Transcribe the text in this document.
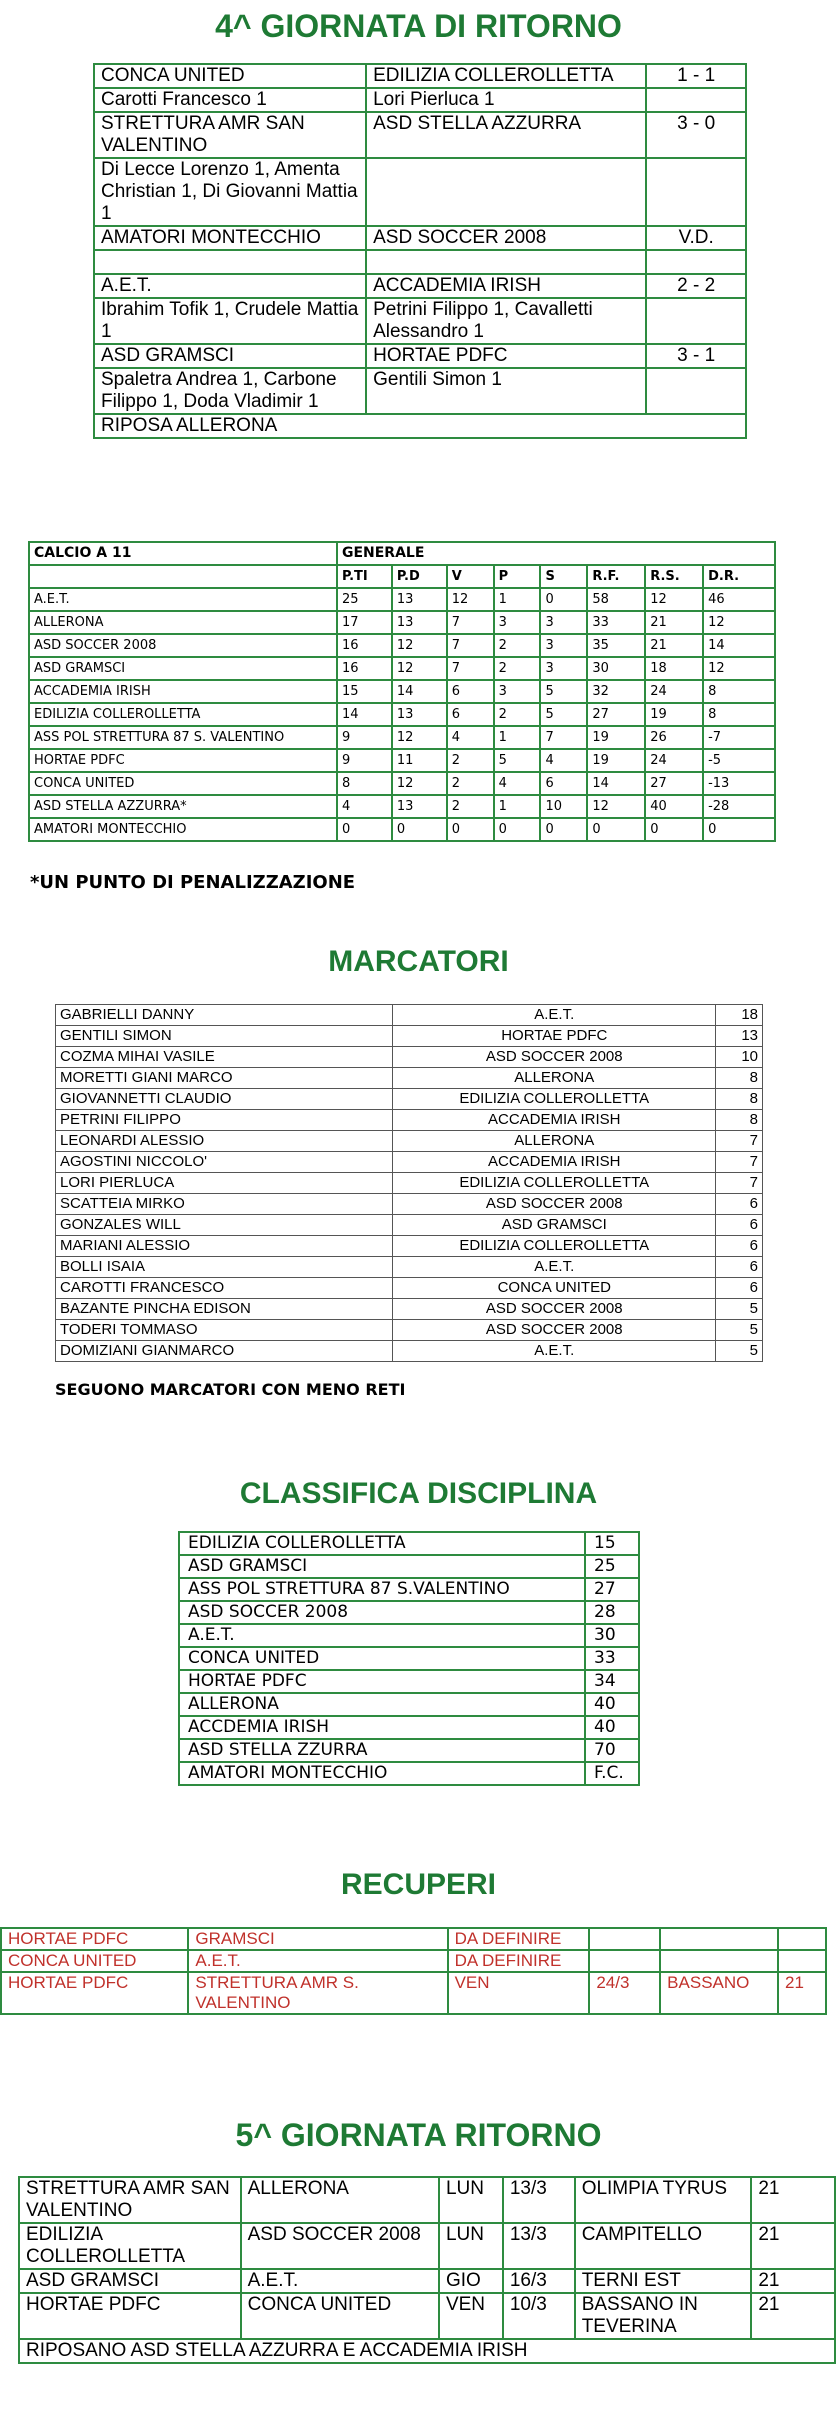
4^ GIORNATA DI RITORNO
CONCA UNITED	EDILIZIA COLLEROLLETTA	1 - 1
Carotti Francesco 1	Lori Pierluca 1	
STRETTURA AMR SAN VALENTINO	ASD STELLA AZZURRA	3 - 0
Di Lecce Lorenzo 1, Amenta Christian 1, Di Giovanni Mattia 1		
AMATORI MONTECCHIO	ASD SOCCER 2008	V.D.

A.E.T.	ACCADEMIA IRISH	2 - 2
Ibrahim Tofik 1, Crudele Mattia 1	Petrini Filippo 1, Cavalletti Alessandro 1	
ASD GRAMSCI	HORTAE PDFC	3 - 1
Spaletra Andrea 1, Carbone Filippo 1, Doda Vladimir 1	Gentili Simon 1	
RIPOSA ALLERONA		
CALCIO A 11	GENERALE							
	P.TI	P.D	V	P	S	R.F.	R.S.	D.R.
A.E.T.	25	13	12	1	0	58	12	46
ALLERONA	17	13	7	3	3	33	21	12
ASD SOCCER 2008	16	12	7	2	3	35	21	14
ASD GRAMSCI	16	12	7	2	3	30	18	12
ACCADEMIA IRISH	15	14	6	3	5	32	24	8
EDILIZIA COLLEROLLETTA	14	13	6	2	5	27	19	8
ASS POL STRETTURA 87 S. VALENTINO	9	12	4	1	7	19	26	-7
HORTAE PDFC	9	11	2	5	4	19	24	-5
CONCA UNITED	8	12	2	4	6	14	27	-13
ASD STELLA AZZURRA*	4	13	2	1	10	12	40	-28
AMATORI MONTECCHIO	0	0	0	0	0	0	0	0
*UN PUNTO DI PENALIZZAZIONE
MARCATORI
GABRIELLI DANNY	A.E.T.	18
GENTILI SIMON	HORTAE PDFC	13
COZMA MIHAI VASILE	ASD SOCCER 2008	10
MORETTI GIANI MARCO	ALLERONA	8
GIOVANNETTI CLAUDIO	EDILIZIA COLLEROLLETTA	8
PETRINI FILIPPO	ACCADEMIA IRISH	8
LEONARDI ALESSIO	ALLERONA	7
AGOSTINI NICCOLO'	ACCADEMIA IRISH	7
LORI PIERLUCA	EDILIZIA COLLEROLLETTA	7
SCATTEIA MIRKO	ASD SOCCER 2008	6
GONZALES WILL	ASD GRAMSCI	6
MARIANI ALESSIO	EDILIZIA COLLEROLLETTA	6
BOLLI ISAIA	A.E.T.	6
CAROTTI FRANCESCO	CONCA UNITED	6
BAZANTE PINCHA EDISON	ASD SOCCER 2008	5
TODERI TOMMASO	ASD SOCCER 2008	5
DOMIZIANI GIANMARCO	A.E.T.	5
SEGUONO MARCATORI CON MENO RETI
CLASSIFICA DISCIPLINA
EDILIZIA COLLEROLLETTA	15
ASD GRAMSCI	25
ASS POL STRETTURA 87 S.VALENTINO	27
ASD SOCCER 2008	28
A.E.T.	30
CONCA UNITED	33
HORTAE PDFC	34
ALLERONA	40
ACCDEMIA IRISH	40
ASD STELLA ZZURRA	70
AMATORI MONTECCHIO	F.C.
RECUPERI
HORTAE PDFC	GRAMSCI	DA DEFINIRE			
CONCA UNITED	A.E.T.	DA DEFINIRE			
HORTAE PDFC	STRETTURA AMR S. VALENTINO	VEN	24/3	BASSANO	21
5^ GIORNATA RITORNO
STRETTURA AMR SAN VALENTINO	ALLERONA	LUN	13/3	OLIMPIA TYRUS	21
EDILIZIA COLLEROLLETTA	ASD SOCCER 2008	LUN	13/3	CAMPITELLO	21
ASD GRAMSCI	A.E.T.	GIO	16/3	TERNI EST	21
HORTAE PDFC	CONCA UNITED	VEN	10/3	BASSANO IN TEVERINA	21
RIPOSANO ASD STELLA AZZURRA E ACCADEMIA IRISH					
